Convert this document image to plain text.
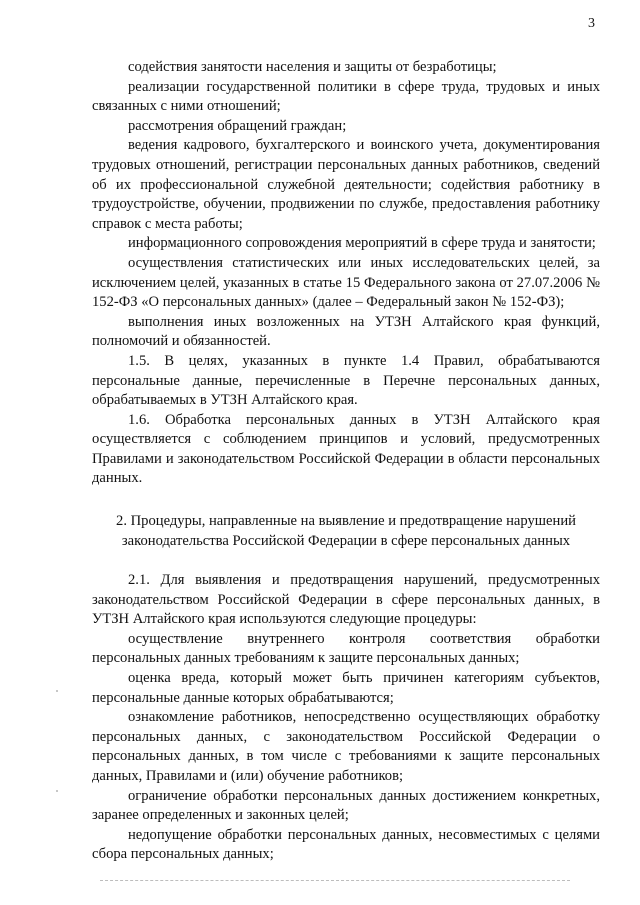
3

содействия занятости населения и защиты от безработицы;

реализации государственной политики в сфере труда, трудовых и иных связанных с ними отношений;

рассмотрения обращений граждан;

ведения кадрового, бухгалтерского и воинского учета, документирования трудовых отношений, регистрации персональных данных работников, сведений об их профессиональной служебной деятельности; содействия работнику в трудоустройстве, обучении, продвижении по службе, предоставления работнику справок с места работы;

информационного сопровождения мероприятий в сфере труда и занятости;

осуществления статистических или иных исследовательских целей, за исключением целей, указанных в статье 15 Федерального закона от 27.07.2006 № 152-ФЗ «О персональных данных» (далее – Федеральный закон № 152-ФЗ);

выполнения иных возложенных на УТЗН Алтайского края функций, полномочий и обязанностей.

1.5. В целях, указанных в пункте 1.4 Правил, обрабатываются персональные данные, перечисленные в Перечне персональных данных, обрабатываемых в УТЗН Алтайского края.

1.6. Обработка персональных данных в УТЗН Алтайского края осуществляется с соблюдением принципов и условий, предусмотренных Правилами и законодательством Российской Федерации в области персональных данных.

2. Процедуры, направленные на выявление и предотвращение нарушений
законодательства Российской Федерации в сфере персональных данных

2.1. Для выявления и предотвращения нарушений, предусмотренных законодательством Российской Федерации в сфере персональных данных, в УТЗН Алтайского края используются следующие процедуры:

осуществление внутреннего контроля соответствия обработки персональных данных требованиям к защите персональных данных;

оценка вреда, который может быть причинен категориям субъектов, персональные данные которых обрабатываются;

ознакомление работников, непосредственно осуществляющих обработку персональных данных, с законодательством Российской Федерации о персональных данных, в том числе с требованиями к защите персональных данных, Правилами и (или) обучение работников;

ограничение обработки персональных данных достижением конкретных, заранее определенных и законных целей;

недопущение обработки персональных данных, несовместимых с целями сбора персональных данных;
